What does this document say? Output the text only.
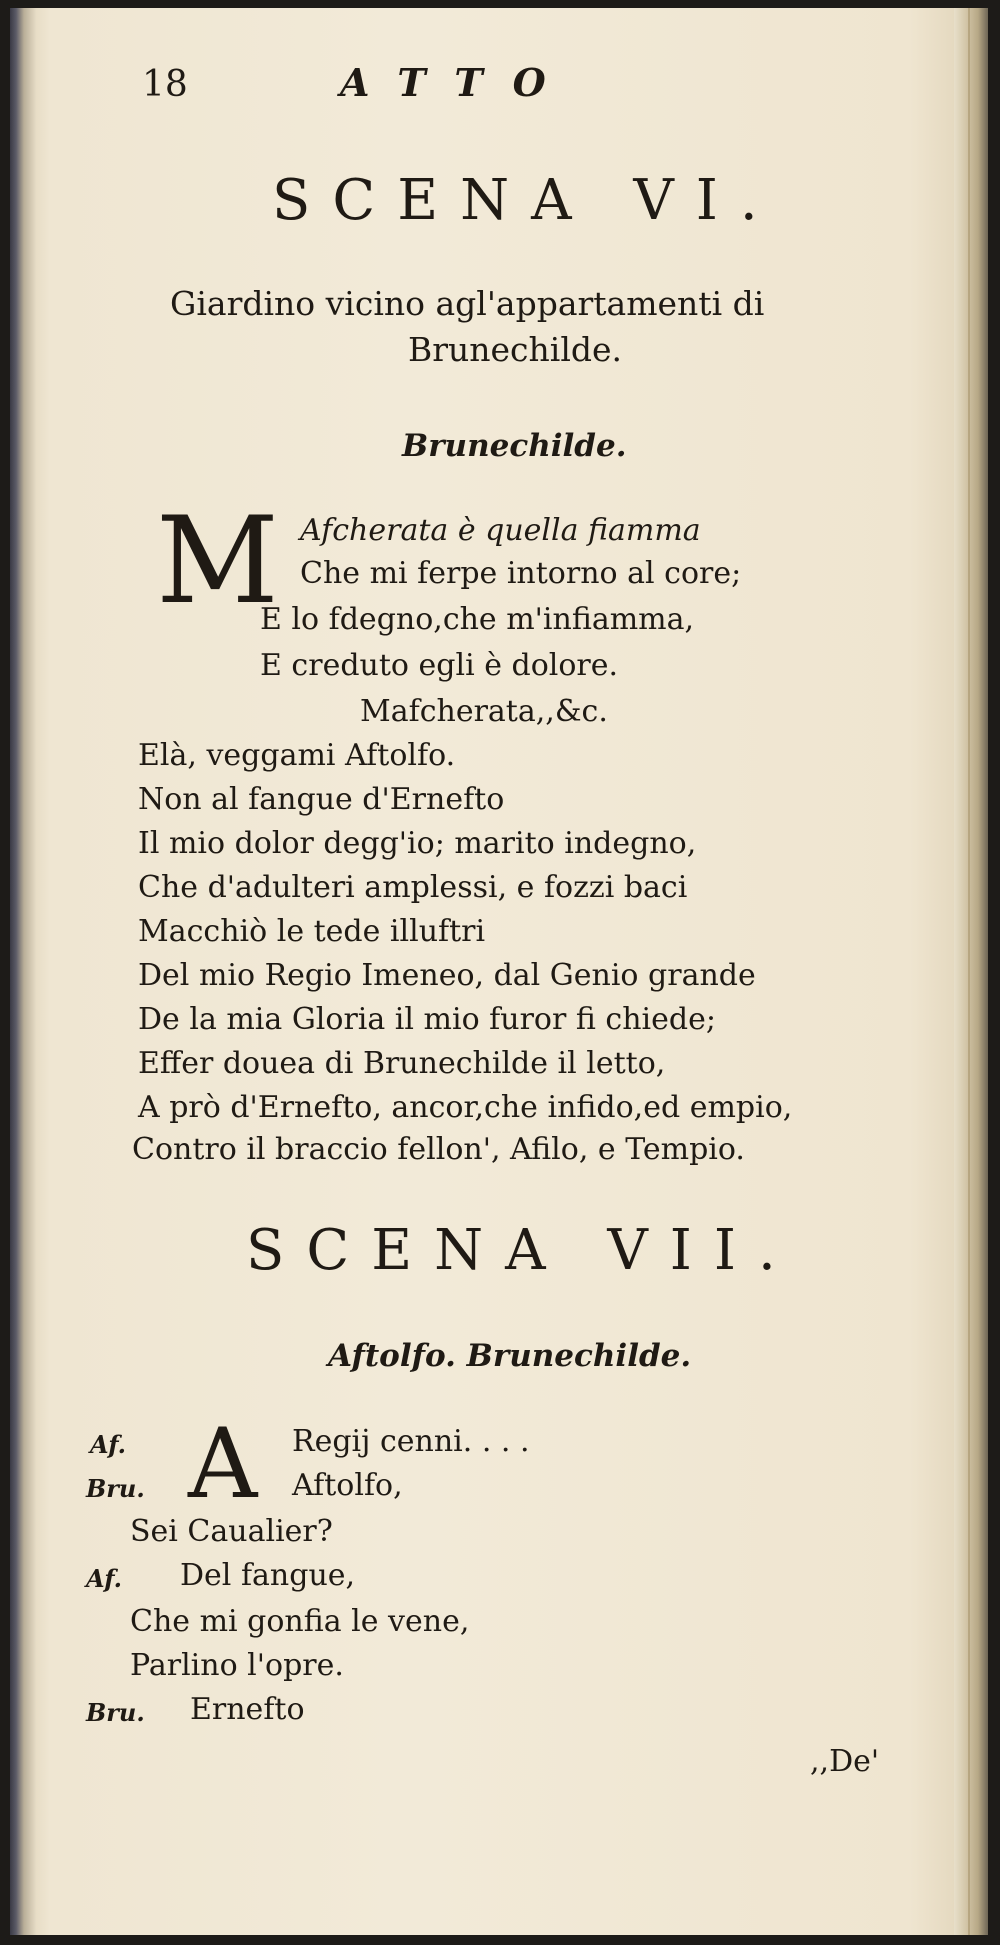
18	ATTO
SCENA VI.
Giardino vicino agl'appartamenti di
Brunechilde.
Brunechilde.
M Afcherata è quella fiamma
Che mi ferpe intorno al core;
E lo fdegno,che m'infiamma,
E creduto egli è dolore.
Mafcherata,,&c.
Elà, veggami Aftolfo.
Non al fangue d'Ernefto
Il mio dolor degg'io; marito indegno,
Che d'adulteri amplessi, e fozzi baci
Macchiò le tede illuftri
Del mio Regio Imeneo, dal Genio grande
De la mia Gloria il mio furor fi chiede;
Effer douea di Brunechilde il letto,
A prò d'Ernefto, ancor,che infido,ed empio,
Contro il braccio fellon', Afilo, e Tempio.
SCENA VII.
Aftolfo. Brunechilde.
A
Af.	Regij cenni. . . .
Bru.	Aftolfo,
Sei Caualier?
Af. Del fangue,
Che mi gonfia le vene,
Parlino l'opre.
Bru. Ernefto
,,De'
